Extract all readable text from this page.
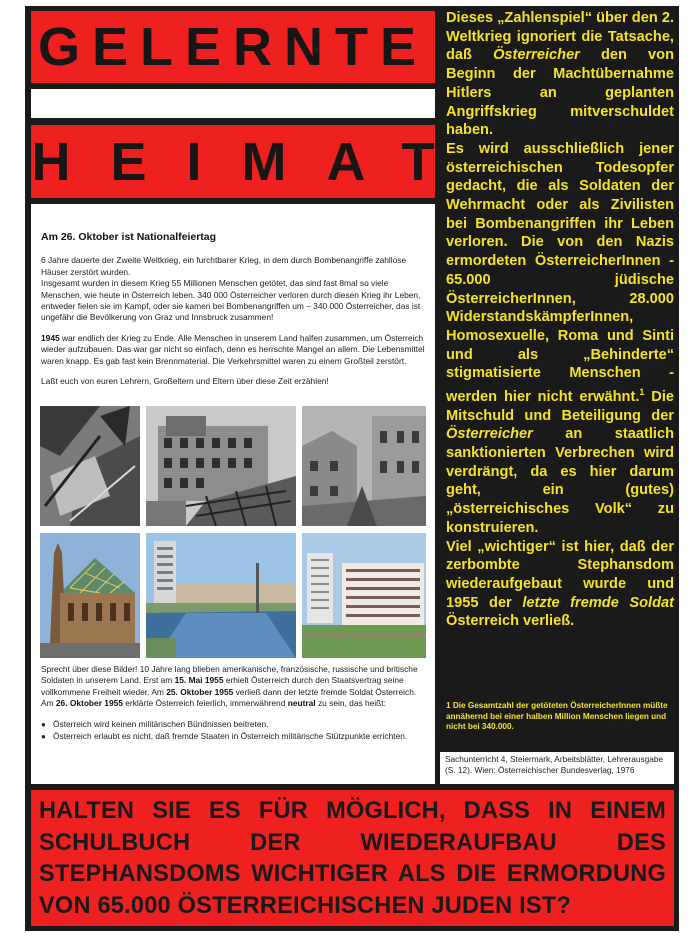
GELERNTE
HEIMAT
Am 26. Oktober ist Nationalfeiertag

6 Jahre dauerte der Zweite Weltkrieg, ein furchtbarer Krieg, in dem durch Bombenangriffe zahllose Häuser zerstört wurden.
Insgesamt wurden in diesem Krieg 55 Millionen Menschen getötet, das sind fast 8mal so viele Menschen, wie heute in Österreich leben. 340 000 Österreicher verloren durch diesen Krieg ihr Leben, entweder fielen sie im Kampf, oder sie kamen bei Bombenangriffen um – 340 000 Österreicher, das ist ungefähr die Bevölkerung von Graz und Innsbruck zusammen!

1945 war endlich der Krieg zu Ende. Alle Menschen in unserem Land halfen zusammen, um Österreich wieder aufzubauen. Das war gar nicht so einfach, denn es herrschte Mangel an allem. Die Lebensmittel waren knapp. Es gab fast kein Brennmaterial. Die Verkehrsmittel waren zu einem Großteil zerstört.

Laßt euch von euren Lehrern, Großeltern und Eltern über diese Zeit erzählen!

Sprecht über diese Bilder! 10 Jahre lang blieben amerikanische, französische, russische und britische Soldaten in unserem Land. Erst am 15. Mai 1955 erhielt Österreich durch den Staatsvertrag seine vollkommene Freiheit wieder. Am 25. Oktober 1955 verließ dann der letzte fremde Soldat Österreich. Am 26. Oktober 1955 erklärte Österreich feierlich, immerwährend neutral zu sein, das heißt:

● Österreich wird keinen militärischen Bündnissen beitreten.
● Österreich erlaubt es nicht, daß fremde Staaten in Österreich militärische Stützpunkte errichten.

Dieses „Zahlenspiel“ über den 2. Weltkrieg ignoriert die Tatsache, daß Österreicher den von Beginn der Machtübernahme Hitlers an geplanten Angriffskrieg mitverschuldet haben.

Es wird ausschließlich jener österreichischen Todesopfer gedacht, die als Soldaten der Wehrmacht oder als Zivilisten bei Bombenangriffen ihr Leben verloren. Die von den Nazis ermordeten ÖsterreicherInnen - 65.000 jüdische ÖsterreicherInnen, 28.000 WiderstandskämpferInnen, Homosexuelle, Roma und Sinti und als „Behinderte“ stigmatisierte Menschen - werden hier nicht erwähnt.$^1$ Die Mitschuld und Beteiligung der Österreicher an staatlich sanktionierten Verbrechen wird verdrängt, da es hier darum geht, ein (gutes) „österreichisches Volk“ zu konstruieren.

Viel „wichtiger“ ist hier, daß der zerbombte Stephansdom wiederaufgebaut wurde und 1955 der letzte fremde Soldat Österreich verließ.

1 Die Gesamtzahl der getöteten ÖsterreicherInnen müßte annähernd bei einer halben Million Menschen liegen und nicht bei 340.000.
Sachunterricht 4, Steiermark, Arbeitsblätter, Lehrerausgabe (S. 12). Wien: Österreichischer Bundesverlag, 1976
HALTEN SIE ES FÜR MÖGLICH, DASS IN EINEM SCHULBUCH DER WIEDERAUFBAU DES STEPHANSDOMS WICHTIGER ALS DIE ERMORDUNG VON 65.000 ÖSTERREICHISCHEN JUDEN IST?
